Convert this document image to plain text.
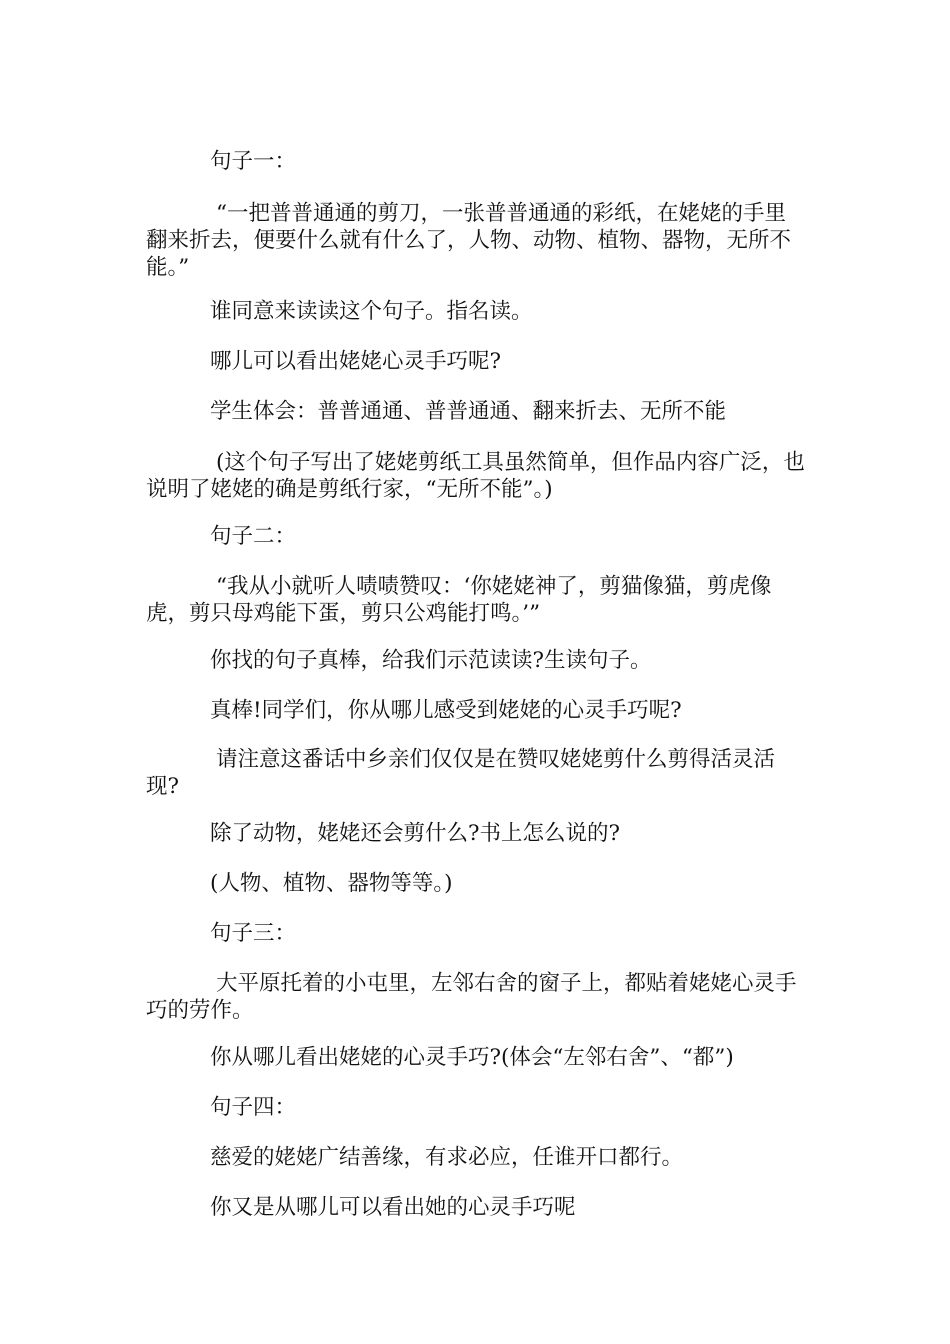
句子一：

“一把普普通通的剪刀，一张普普通通的彩纸，在姥姥的手里翻来折去，便要什么就有什么了，人物、动物、植物、器物，无所不能。”

谁同意来读读这个句子。指名读。

哪儿可以看出姥姥心灵手巧呢?

学生体会：普普通通、普普通通、翻来折去、无所不能

(这个句子写出了姥姥剪纸工具虽然简单，但作品内容广泛，也说明了姥姥的确是剪纸行家，“无所不能”。)

句子二：

“我从小就听人啧啧赞叹：‘你姥姥神了，剪猫像猫，剪虎像虎，剪只母鸡能下蛋，剪只公鸡能打鸣。’”

你找的句子真棒，给我们示范读读?生读句子。

真棒!同学们，你从哪儿感受到姥姥的心灵手巧呢?

请注意这番话中乡亲们仅仅是在赞叹姥姥剪什么剪得活灵活现?

除了动物，姥姥还会剪什么?书上怎么说的?

(人物、植物、器物等等。)

句子三：

大平原托着的小屯里，左邻右舍的窗子上，都贴着姥姥心灵手巧的劳作。

你从哪儿看出姥姥的心灵手巧?(体会“左邻右舍”、“都”)

句子四：

慈爱的姥姥广结善缘，有求必应，任谁开口都行。

你又是从哪儿可以看出她的心灵手巧呢
